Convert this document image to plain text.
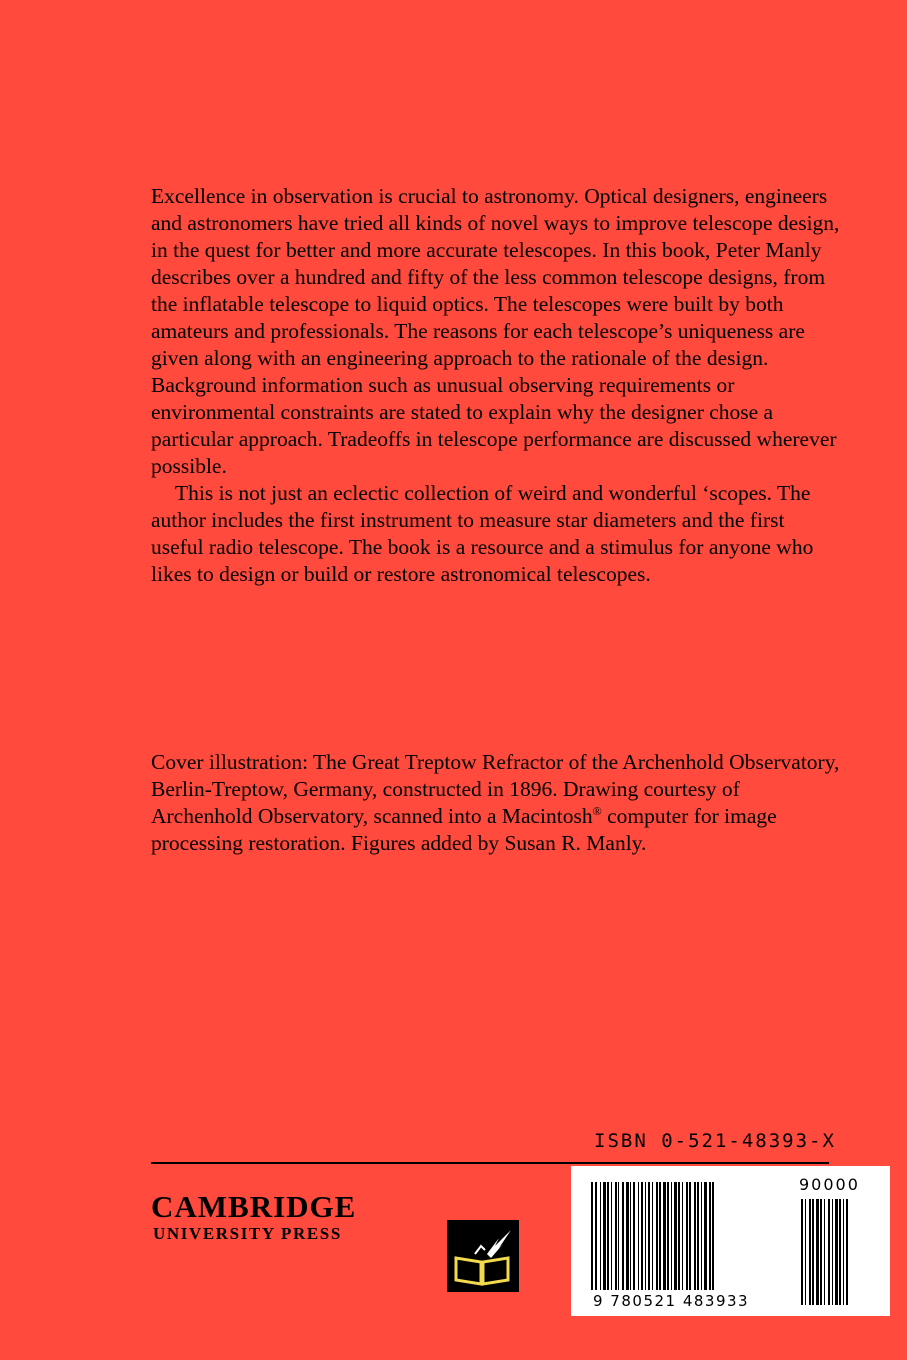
Excellence in observation is crucial to astronomy. Optical designers, engineers and astronomers have tried all kinds of novel ways to improve telescope design, in the quest for better and more accurate telescopes. In this book, Peter Manly describes over a hundred and fifty of the less common telescope designs, from the inflatable telescope to liquid optics. The telescopes were built by both amateurs and professionals. The reasons for each telescope’s uniqueness are given along with an engineering approach to the rationale of the design. Background information such as unusual observing requirements or environmental constraints are stated to explain why the designer chose a particular approach. Tradeoffs in telescope performance are discussed wherever possible.

This is not just an eclectic collection of weird and wonderful ‘scopes. The author includes the first instrument to measure star diameters and the first useful radio telescope. The book is a resource and a stimulus for anyone who likes to design or build or restore astronomical telescopes.

Cover illustration: The Great Treptow Refractor of the Archenhold Observatory, Berlin-Treptow, Germany, constructed in 1896. Drawing courtesy of Archenhold Observatory, scanned into a Macintosh® computer for image processing restoration. Figures added by Susan R. Manly.

ISBN 0-521-48393-X
CAMBRIDGE
UNIVERSITY PRESS
90000
9 780521 483933
